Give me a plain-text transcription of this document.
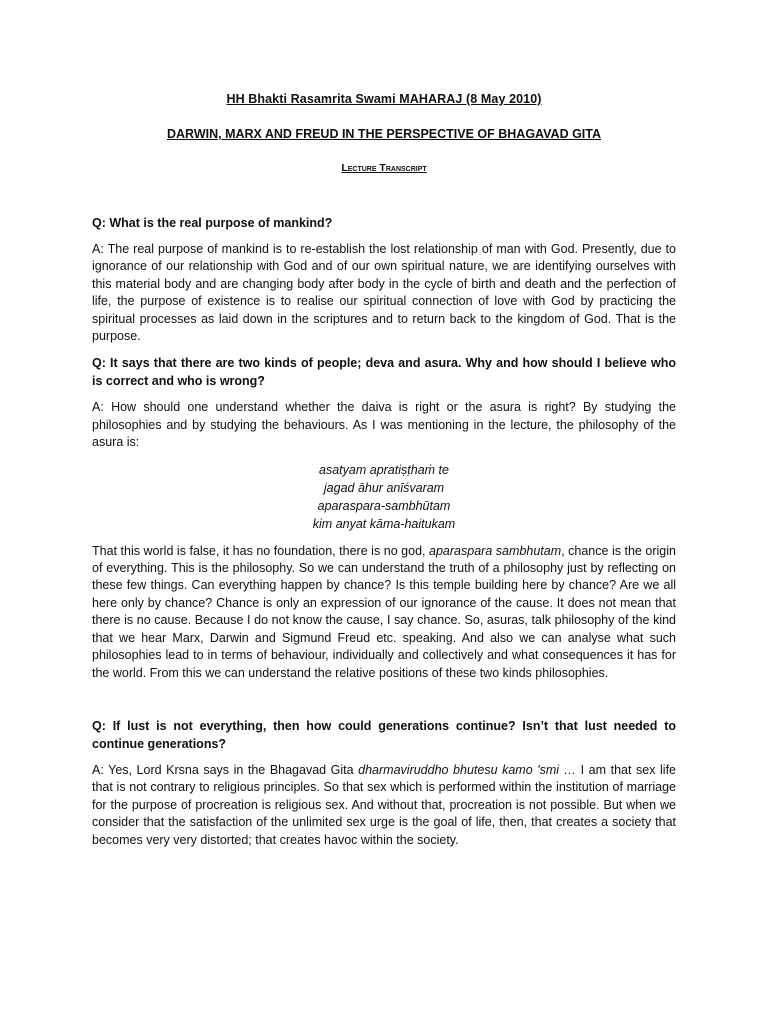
HH Bhakti Rasamrita Swami MAHARAJ (8 May 2010)

DARWIN, MARX AND FREUD IN THE PERSPECTIVE OF BHAGAVAD GITA

Lecture Transcript

Q: What is the real purpose of mankind?

A: The real purpose of mankind is to re-establish the lost relationship of man with God. Presently, due to ignorance of our relationship with God and of our own spiritual nature, we are identifying ourselves with this material body and are changing body after body in the cycle of birth and death and the perfection of life, the purpose of existence is to realise our spiritual connection of love with God by practicing the spiritual processes as laid down in the scriptures and to return back to the kingdom of God. That is the purpose.

Q: It says that there are two kinds of people; deva and asura. Why and how should I believe who is correct and who is wrong?

A: How should one understand whether the daiva is right or the asura is right? By studying the philosophies and by studying the behaviours. As I was mentioning in the lecture, the philosophy of the asura is:

asatyam apratiṣṭhaṁ te
jagad āhur anīśvaram
aparaspara-sambhūtam
kim anyat kāma-haitukam

That this world is false, it has no foundation, there is no god, aparaspara sambhutam, chance is the origin of everything. This is the philosophy. So we can understand the truth of a philosophy just by reflecting on these few things. Can everything happen by chance? Is this temple building here by chance? Are we all here only by chance? Chance is only an expression of our ignorance of the cause. It does not mean that there is no cause. Because I do not know the cause, I say chance. So, asuras, talk philosophy of the kind that we hear Marx, Darwin and Sigmund Freud etc. speaking. And also we can analyse what such philosophies lead to in terms of behaviour, individually and collectively and what consequences it has for the world. From this we can understand the relative positions of these two kinds philosophies.

Q: If lust is not everything, then how could generations continue? Isn’t that lust needed to continue generations?

A: Yes, Lord Krsna says in the Bhagavad Gita dharmaviruddho bhutesu kamo 'smi … I am that sex life that is not contrary to religious principles. So that sex which is performed within the institution of marriage for the purpose of procreation is religious sex. And without that, procreation is not possible. But when we consider that the satisfaction of the unlimited sex urge is the goal of life, then, that creates a society that becomes very very distorted; that creates havoc within the society.
